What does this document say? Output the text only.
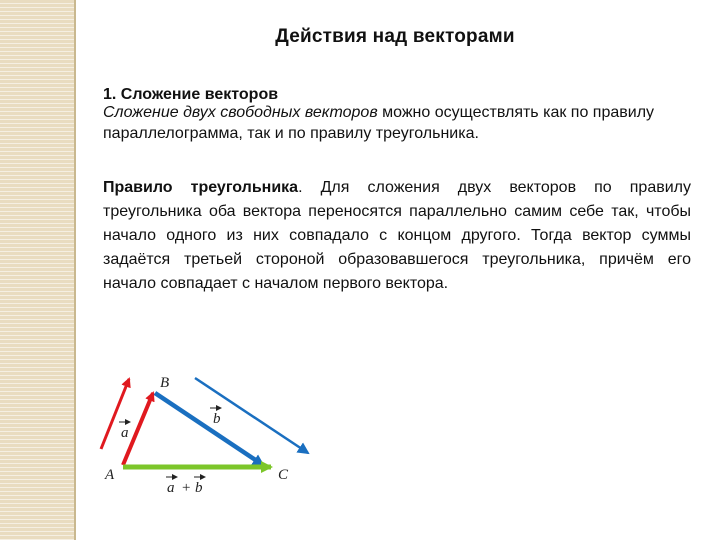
Действия над векторами
1. Сложение векторов
Сложение двух свободных векторов можно осуществлять как по правилу параллелограмма, так и по правилу треугольника.
Правило треугольника. Для сложения двух векторов по правилу треугольника оба вектора переносятся параллельно самим себе так, чтобы начало одного из них совпадало с концом другого. Тогда вектор суммы задаётся третьей стороной образовавшегося треугольника, причём его начало совпадает с началом первого вектора.
B
A	C
a
b
a + b
